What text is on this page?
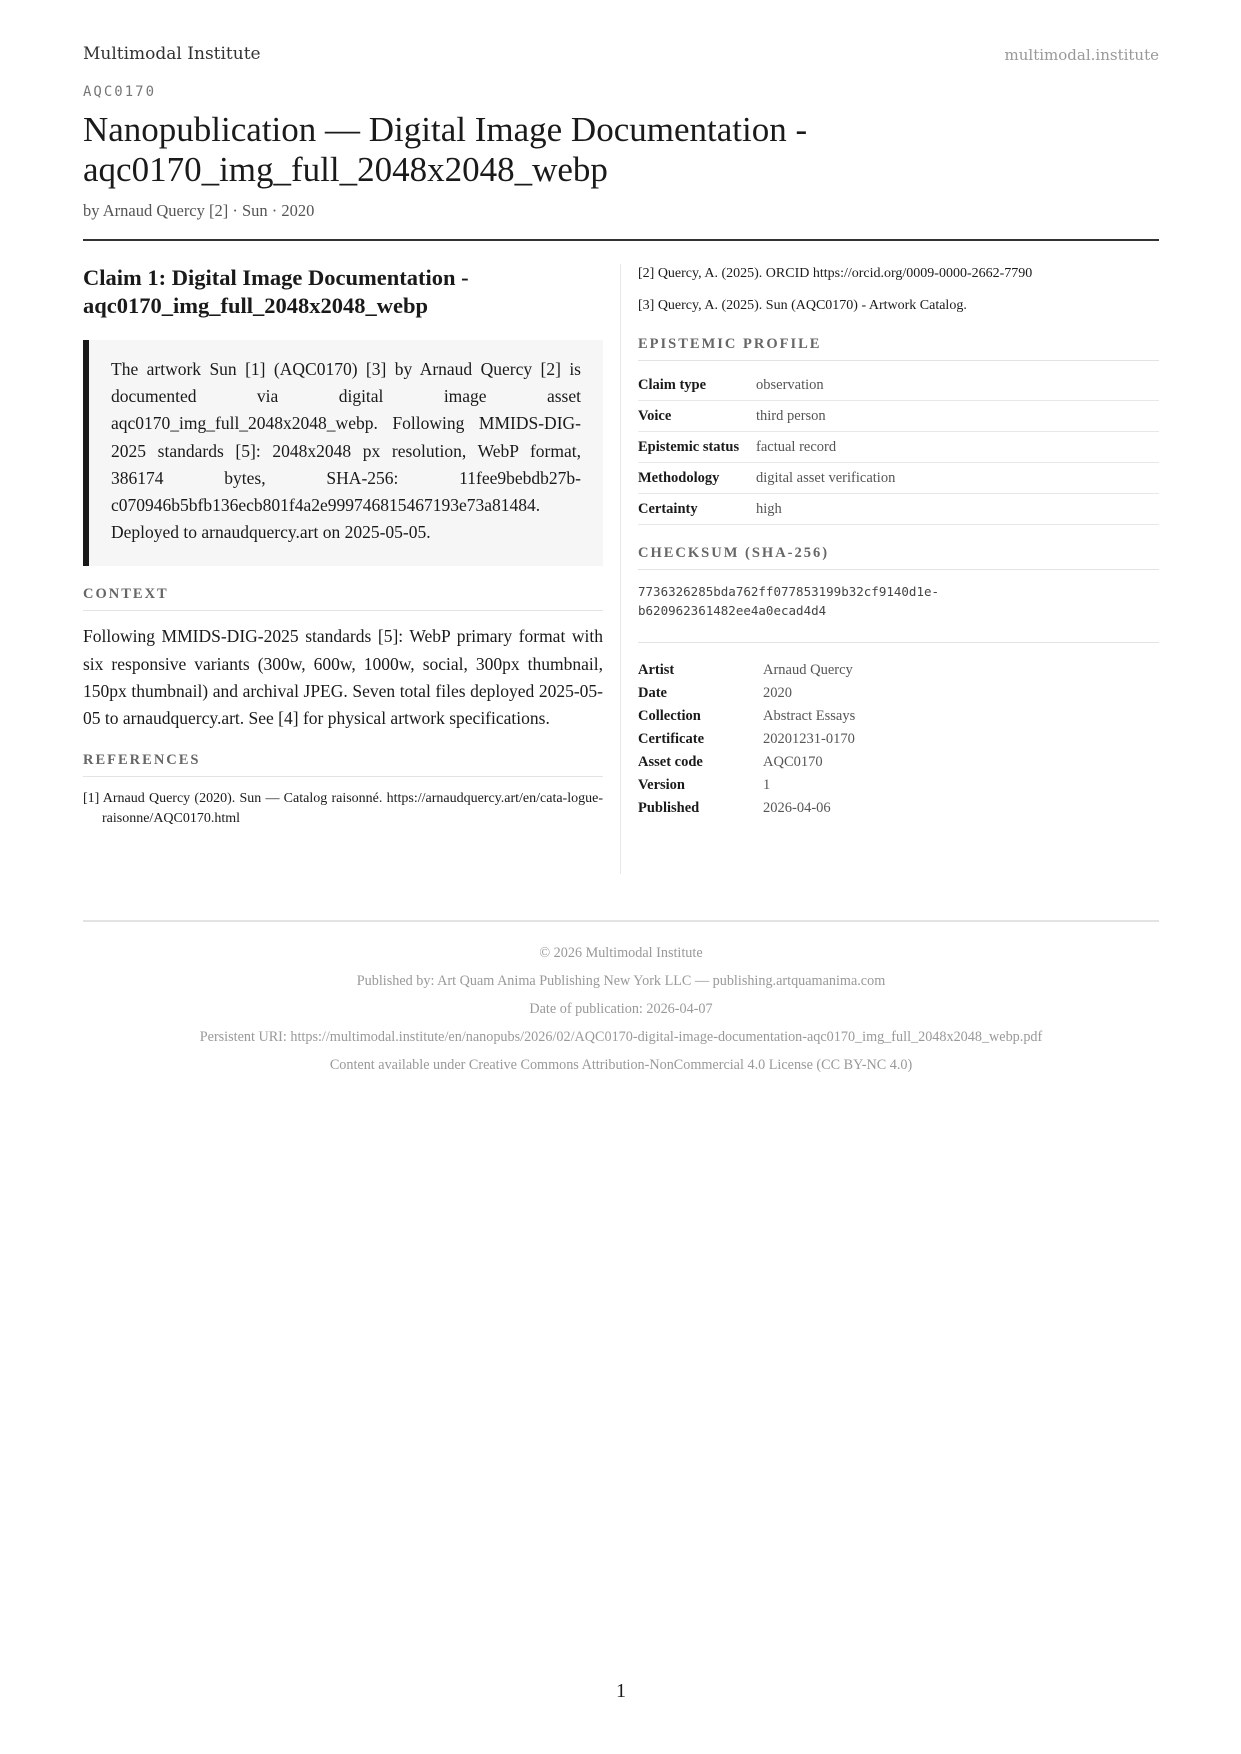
Multimodal Institute	multimodal.institute
AQC0170
Nanopublication — Digital Image Documentation - aqc0170_img_full_2048x2048_webp
by Arnaud Quercy [2] · Sun · 2020
Claim 1: Digital Image Documentation - aqc0170_img_full_2048x2048_webp
The artwork Sun [1] (AQC0170) [3] by Arnaud Quercy [2] is documented via digital image asset aqc0170_img_full_2048x2048_webp. Following MMIDS-DIG-2025 standards [5]: 2048x2048 px resolution, WebP format, 386174 bytes, SHA-256: 11fee9bebdb27b-c070946b5bfb136ecb801f4a2e999746815467193e73a81484. Deployed to arnaudquercy.art on 2025-05-05.
CONTEXT
Following MMIDS-DIG-2025 standards [5]: WebP primary format with six responsive variants (300w, 600w, 1000w, social, 300px thumbnail, 150px thumbnail) and archival JPEG. Seven total files deployed 2025-05-05 to arnaudquercy.art. See [4] for physical artwork specifications.
REFERENCES
[1] Arnaud Quercy (2020). Sun — Catalog raisonné. https://arnaudquercy.art/en/cata-logue-raisonne/AQC0170.html
[2] Quercy, A. (2025). ORCID https://orcid.org/0009-0000-2662-7790
[3] Quercy, A. (2025). Sun (AQC0170) - Artwork Catalog.
EPISTEMIC PROFILE
Claim type	observation
Voice	third person
Epistemic status	factual record
Methodology	digital asset verification
Certainty	high
CHECKSUM (SHA-256)
7736326285bda762ff077853199b32cf9140d1e-
b620962361482ee4a0ecad4d4
Artist	Arnaud Quercy
Date	2020
Collection	Abstract Essays
Certificate	20201231-0170
Asset code	AQC0170
Version	1
Published	2026-04-06
© 2026 Multimodal Institute
Published by: Art Quam Anima Publishing New York LLC — publishing.artquamanima.com
Date of publication: 2026-04-07
Persistent URI: https://multimodal.institute/en/nanopubs/2026/02/AQC0170-digital-image-documentation-aqc0170_img_full_2048x2048_webp.pdf
Content available under Creative Commons Attribution-NonCommercial 4.0 License (CC BY-NC 4.0)
1
